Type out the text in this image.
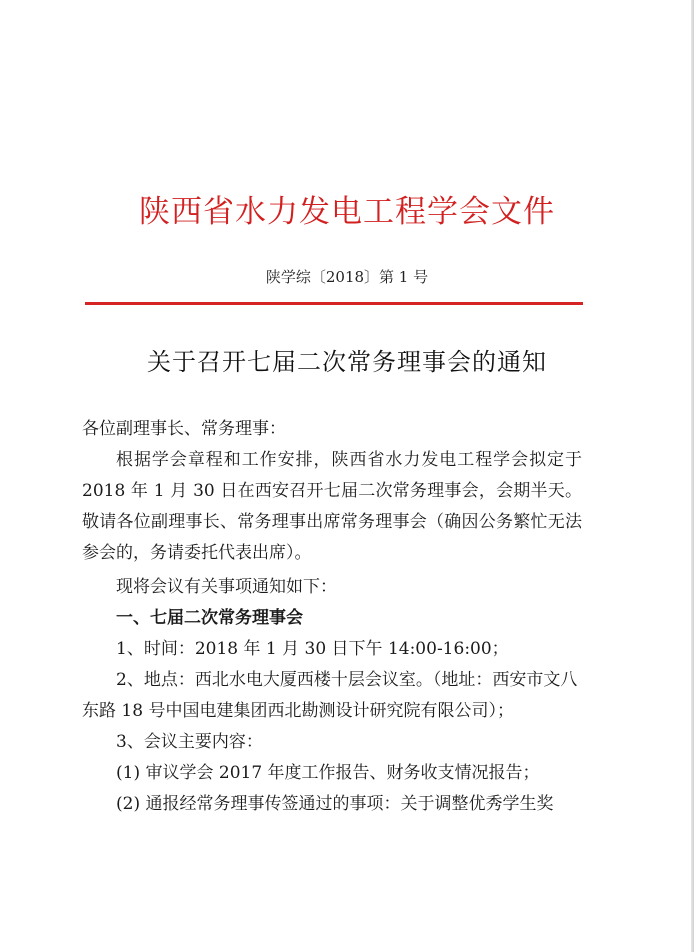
陕西省水力发电工程学会文件
陕学综〔2018〕第 1 号
关于召开七届二次常务理事会的通知
各位副理事长、常务理事：
根据学会章程和工作安排，陕西省水力发电工程学会拟定于 2018 年 1 月 30 日在西安召开七届二次常务理事会，会期半天。敬请各位副理事长、常务理事出席常务理事会（确因公务繁忙无法参会的，务请委托代表出席）。
现将会议有关事项通知如下：
一、七届二次常务理事会
1、时间：2018 年 1 月 30 日下午 14:00-16:00；
2、地点：西北水电大厦西楼十层会议室。（地址：西安市文八东路 18 号中国电建集团西北勘测设计研究院有限公司）；
3、会议主要内容：
(1) 审议学会 2017 年度工作报告、财务收支情况报告；
(2) 通报经常务理事传签通过的事项：关于调整优秀学生奖
